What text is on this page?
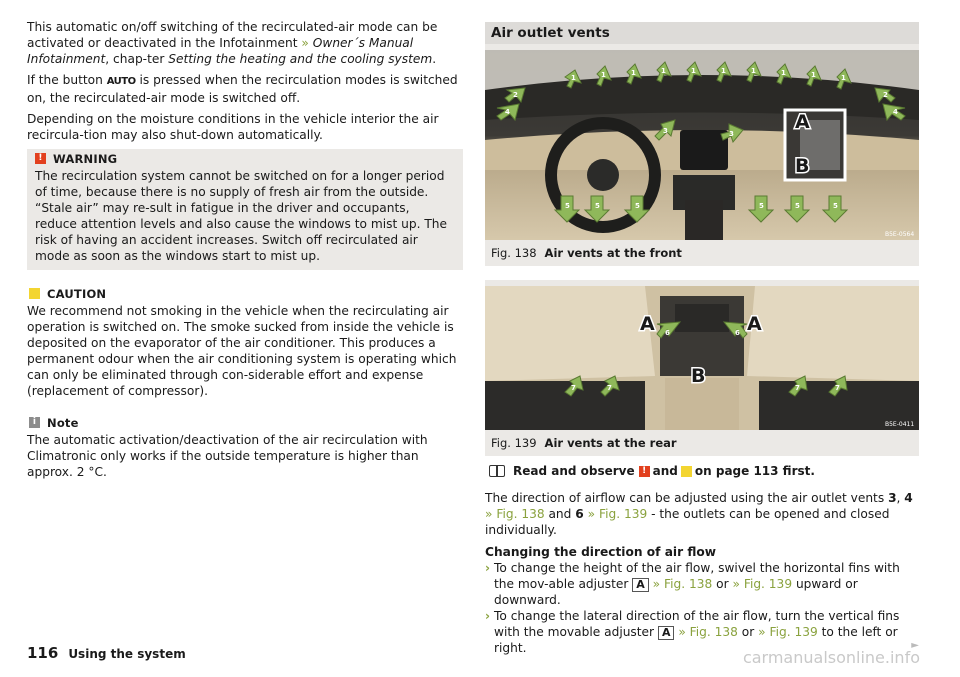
This automatic on/off switching of the recirculated-air mode can be activated or deactivated in the Infotainment » Owner´s Manual Infotainment, chap-ter Setting the heating and the cooling system.

If the button AUTO is pressed when the recirculation modes is switched on, the recirculated-air mode is switched off.

Depending on the moisture conditions in the vehicle interior the air recircula-tion may also shut-down automatically.

! WARNING
The recirculation system cannot be switched on for a longer period of time, because there is no supply of fresh air from the outside. “Stale air” may re-sult in fatigue in the driver and occupants, reduce attention levels and also cause the windows to mist up. The risk of having an accident increases. Switch off recirculated air mode as soon as the windows start to mist up.
CAUTION
We recommend not smoking in the vehicle when the recirculating air operation is switched on. The smoke sucked from inside the vehicle is deposited on the evaporator of the air conditioner. This produces a permanent odour when the air conditioning system is operating which can only be eliminated through con-siderable effort and expense (replacement of compressor).
i Note
The automatic activation/deactivation of the air recirculation with Climatronic only works if the outside temperature is higher than approx. 2 °C.
Air outlet vents
1	1	1	1	1	1	1	1	1	1
2
4
2
4
3	3
5	5	5	5	5	5
A
B
B5E-0564
Fig. 138 Air vents at the front
6	6
7	7	7	7
A	A
B
B5E-0411
Fig. 139 Air vents at the rear
Read and observe ! and on page 113 first.

The direction of airflow can be adjusted using the air outlet vents 3, 4
» Fig. 138 and 6 » Fig. 139 - the outlets can be opened and closed individually.

Changing the direction of air flow
› To change the height of the air flow, swivel the horizontal fins with the mov-able adjuster A » Fig. 138 or » Fig. 139 upward or downward.
› To change the lateral direction of the air flow, turn the vertical fins with the movable adjuster A » Fig. 138 or » Fig. 139 to the left or right.	►
116 Using the system	carmanualsonline.info
